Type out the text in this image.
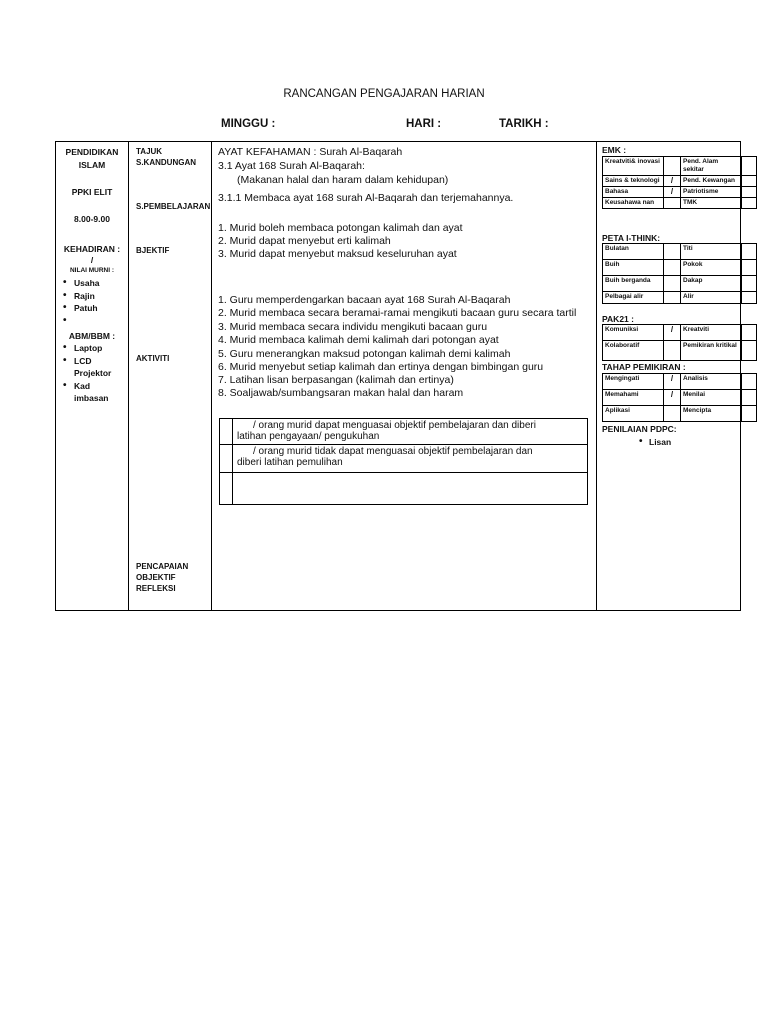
RANCANGAN PENGAJARAN HARIAN
MINGGU :	HARI :	TARIKH :
PENDIDIKAN
ISLAM
PPKI ELIT
8.00-9.00
KEHADIRAN :
/
NILAI MURNI :
• Usaha
• Rajin
• Patuh
ABM/BBM :
• Laptop
• LCD Projektor
• Kad imbasan
TAJUK
S.KANDUNGAN
S.PEMBELAJARAN
BJEKTIF
AKTIVITI
PENCAPAIAN
OBJEKTIF
REFLEKSI
AYAT KEFAHAMAN : Surah Al-Baqarah
3.1 Ayat 168 Surah Al-Baqarah:
(Makanan halal dan haram dalam kehidupan)
3.1.1 Membaca ayat 168 surah Al-Baqarah dan terjemahannya.
1. Murid boleh membaca potongan kalimah dan ayat
2. Murid dapat menyebut erti kalimah
3. Murid dapat menyebut maksud keseluruhan ayat
1. Guru memperdengarkan bacaan ayat 168 Surah Al-Baqarah
2. Murid membaca secara beramai-ramai mengikuti bacaan guru secara tartil
3. Murid membaca secara individu mengikuti bacaan guru
4. Murid membaca kalimah demi kalimah dari potongan ayat
5. Guru menerangkan maksud potongan kalimah demi kalimah
6. Murid menyebut setiap kalimah dan ertinya dengan bimbingan guru
7. Latihan lisan berpasangan (kalimah dan ertinya)
8. Soaljawab/sumbangsaran makan halal dan haram

	/ orang murid dapat menguasai objektif pembelajaran dan diberi
latihan pengayaan/ pengukuhan

	/ orang murid tidak dapat menguasai objektif pembelajaran dan
diberi latihan pemulihan

EMK :
Kreatviti& inovasi		Pend. Alam sekitar	
Sains & teknologi	/	Pend. Kewangan	
Bahasa	/	Patriotisme	
Keusahawa nan		TMK	
PETA I-THINK:
Bulatan		Titi	
Buih		Pokok	
Buih berganda		Dakap	
Pelbagai alir		Alir	
PAK21 :
Komuniksi	/	Kreatviti	
Kolaboratif		Pemikiran kritikal	
TAHAP PEMIKIRAN :
Mengingati	/	Analisis	
Memahami	/	Menilai	
Aplikasi		Mencipta	
PENILAIAN PDPC:
• Lisan
